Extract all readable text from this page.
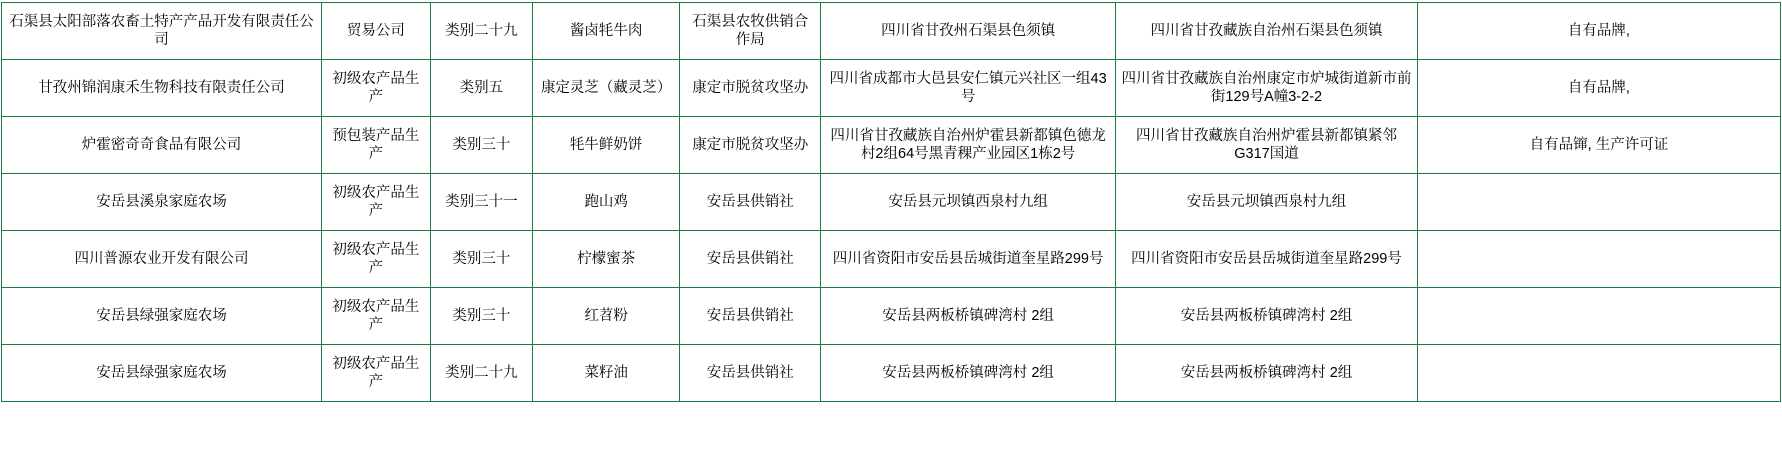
石渠县太阳部落农畜土特产产品开发有限责任公司	贸易公司	类别二十九	酱卤牦牛肉	石渠县农牧供销合作局	四川省甘孜州石渠县色须镇	四川省甘孜藏族自治州石渠县色须镇	自有品牌,
甘孜州锦润康禾生物科技有限责任公司	初级农产品生产	类别五	康定灵芝（藏灵芝）	康定市脱贫攻坚办	四川省成都市大邑县安仁镇元兴社区一组43号	四川省甘孜藏族自治州康定市炉城街道新市前街129号A幢3-2-2	自有品牌,
炉霍密奇奇食品有限公司	预包装产品生产	类别三十	牦牛鲜奶饼	康定市脱贫攻坚办	四川省甘孜藏族自治州炉霍县新都镇色德龙村2组64号黑青稞产业园区1栋2号	四川省甘孜藏族自治州炉霍县新都镇紧邻G317国道	自有品镩, 生产许可证
安岳县溪泉家庭农场	初级农产品生产	类别三十一	跑山鸡	安岳县供销社	安岳县元坝镇西泉村九组	安岳县元坝镇西泉村九组	
四川普源农业开发有限公司	初级农产品生产	类别三十	柠檬蜜茶	安岳县供销社	四川省资阳市安岳县岳城街道奎星路299号	四川省资阳市安岳县岳城街道奎星路299号	
安岳县绿强家庭农场	初级农产品生产	类别三十	红苕粉	安岳县供销社	安岳县两板桥镇碑湾村 2组	安岳县两板桥镇碑湾村 2组	
安岳县绿强家庭农场	初级农产品生产	类别二十九	菜籽油	安岳县供销社	安岳县两板桥镇碑湾村 2组	安岳县两板桥镇碑湾村 2组	
